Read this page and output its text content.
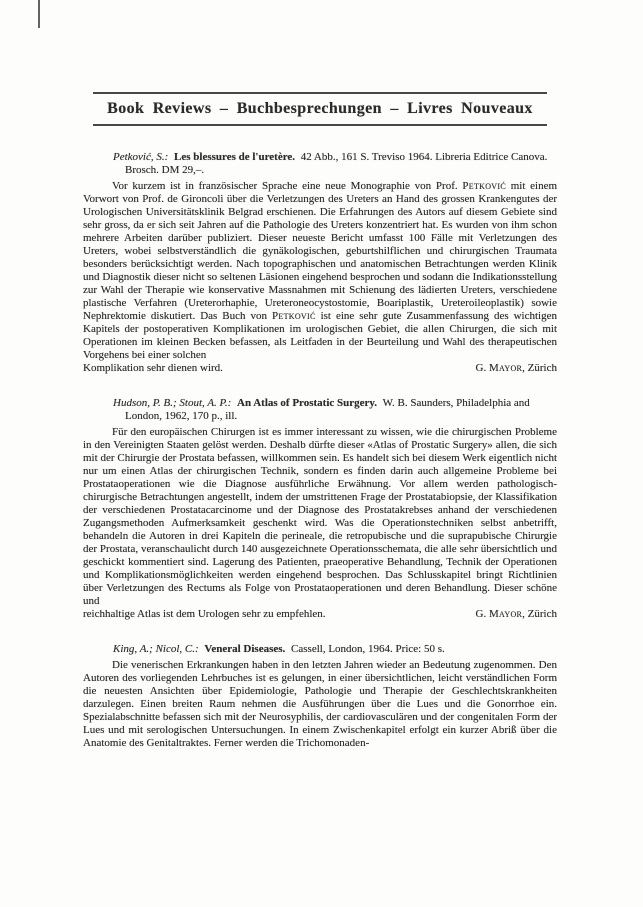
Book Reviews – Buchbesprechungen – Livres Nouveaux

Petković, S.: Les blessures de l'uretère. 42 Abb., 161 S. Treviso 1964. Libreria Editrice Canova. Brosch. DM 29,–.

Vor kurzem ist in französischer Sprache eine neue Monographie von Prof. Petković mit einem Vorwort von Prof. de Gironcoli über die Verletzungen des Ureters an Hand des grossen Krankengutes der Urologischen Universitätsklinik Belgrad erschienen. Die Erfahrungen des Autors auf diesem Gebiete sind sehr gross, da er sich seit Jahren auf die Pathologie des Ureters konzentriert hat. Es wurden von ihm schon mehrere Arbeiten darüber publiziert. Dieser neueste Bericht umfasst 100 Fälle mit Verletzungen des Ureters, wobei selbstverständlich die gynäkologischen, geburtshilflichen und chirurgischen Traumata besonders berücksichtigt werden. Nach topographischen und anatomischen Betrachtungen werden Klinik und Diagnostik dieser nicht so seltenen Läsionen eingehend besprochen und sodann die Indikationsstellung zur Wahl der Therapie wie konservative Massnahmen mit Schienung des lädierten Ureters, verschiedene plastische Verfahren (Ureterorhaphie, Ureteroneocystostomie, Boariplastik, Ureteroileoplastik) sowie Nephrektomie diskutiert. Das Buch von Petković ist eine sehr gute Zusammenfassung des wichtigen Kapitels der postoperativen Komplikationen im urologischen Gebiet, die allen Chirurgen, die sich mit Operationen im kleinen Becken befassen, als Leitfaden in der Beurteilung und Wahl des therapeutischen Vorgehens bei einer solchen

Komplikation sehr dienen wird.	G. Mayor, Zürich

Hudson, P. B.; Stout, A. P.: An Atlas of Prostatic Surgery. W. B. Saunders, Philadelphia and London, 1962, 170 p., ill.

Für den europäischen Chirurgen ist es immer interessant zu wissen, wie die chirurgischen Probleme in den Vereinigten Staaten gelöst werden. Deshalb dürfte dieser «Atlas of Prostatic Surgery» allen, die sich mit der Chirurgie der Prostata befassen, willkommen sein. Es handelt sich bei diesem Werk eigentlich nicht nur um einen Atlas der chirurgischen Technik, sondern es finden darin auch allgemeine Probleme bei Prostataoperationen wie die Diagnose ausführliche Erwähnung. Vor allem werden pathologisch-chirurgische Betrachtungen angestellt, indem der umstrittenen Frage der Prostatabiopsie, der Klassifikation der verschiedenen Prostatacarcinome und der Diagnose des Prostatakrebses anhand der verschiedenen Zugangsmethoden Aufmerksamkeit geschenkt wird. Was die Operationstechniken selbst anbetrifft, behandeln die Autoren in drei Kapiteln die perineale, die retropubische und die suprapubische Chirurgie der Prostata, veranschaulicht durch 140 ausgezeichnete Operationsschemata, die alle sehr übersichtlich und geschickt kommentiert sind. Lagerung des Patienten, praeoperative Behandlung, Technik der Operationen und Komplikationsmöglichkeiten werden eingehend besprochen. Das Schlusskapitel bringt Richtlinien über Verletzungen des Rectums als Folge von Prostataoperationen und deren Behandlung. Dieser schöne und

reichhaltige Atlas ist dem Urologen sehr zu empfehlen.	G. Mayor, Zürich

King, A.; Nicol, C.: Veneral Diseases. Cassell, London, 1964. Price: 50 s.

Die venerischen Erkrankungen haben in den letzten Jahren wieder an Bedeutung zugenommen. Den Autoren des vorliegenden Lehrbuches ist es gelungen, in einer übersichtlichen, leicht verständlichen Form die neuesten Ansichten über Epidemiologie, Pathologie und Therapie der Geschlechtskrankheiten darzulegen. Einen breiten Raum nehmen die Ausführungen über die Lues und die Gonorrhoe ein. Spezialabschnitte befassen sich mit der Neurosyphilis, der cardiovasculären und der congenitalen Form der Lues und mit serologischen Untersuchungen. In einem Zwischenkapitel erfolgt ein kurzer Abriß über die Anatomie des Genitaltraktes. Ferner werden die Trichomonaden-
